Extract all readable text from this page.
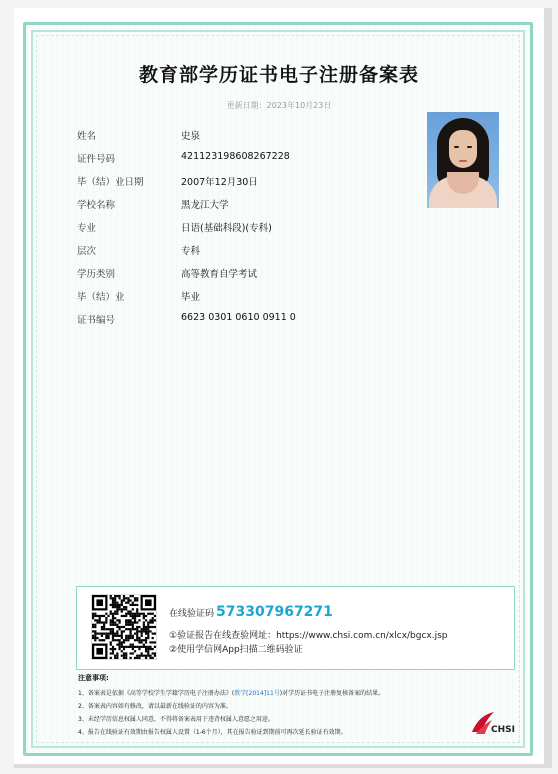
教育部学历证书电子注册备案表
更新日期：2023年10月23日
姓名	史泉
证件号码	421123198608267228
毕（结）业日期	2007年12月30日
学校名称	黑龙江大学
专业	日语(基础科段)(专科)
层次	专科
学历类别	高等教育自学考试
毕（结）业	毕业
证书编号	6623 0301 0610 0911 0
在线验证码 573307967271
①验证报告在线查验网址：https://www.chsi.com.cn/xlcx/bgcx.jsp
②使用学信网App扫描二维码验证
注意事项:
1、备案表是依据《高等学校学生学籍学历电子注册办法》(教学[2014]11号)对学历证书电子注册复核备案的结果。
2、备案表内容如有修改，请以最新在线验证的内容为准。
3、未经学历信息权属人同意，不得将备案表用于违背权属人意愿之用途。
4、报告在线验证有效期由报告权属人设置（1-6个月），其在报告验证到期前可再次延长验证有效期。	CHSI
